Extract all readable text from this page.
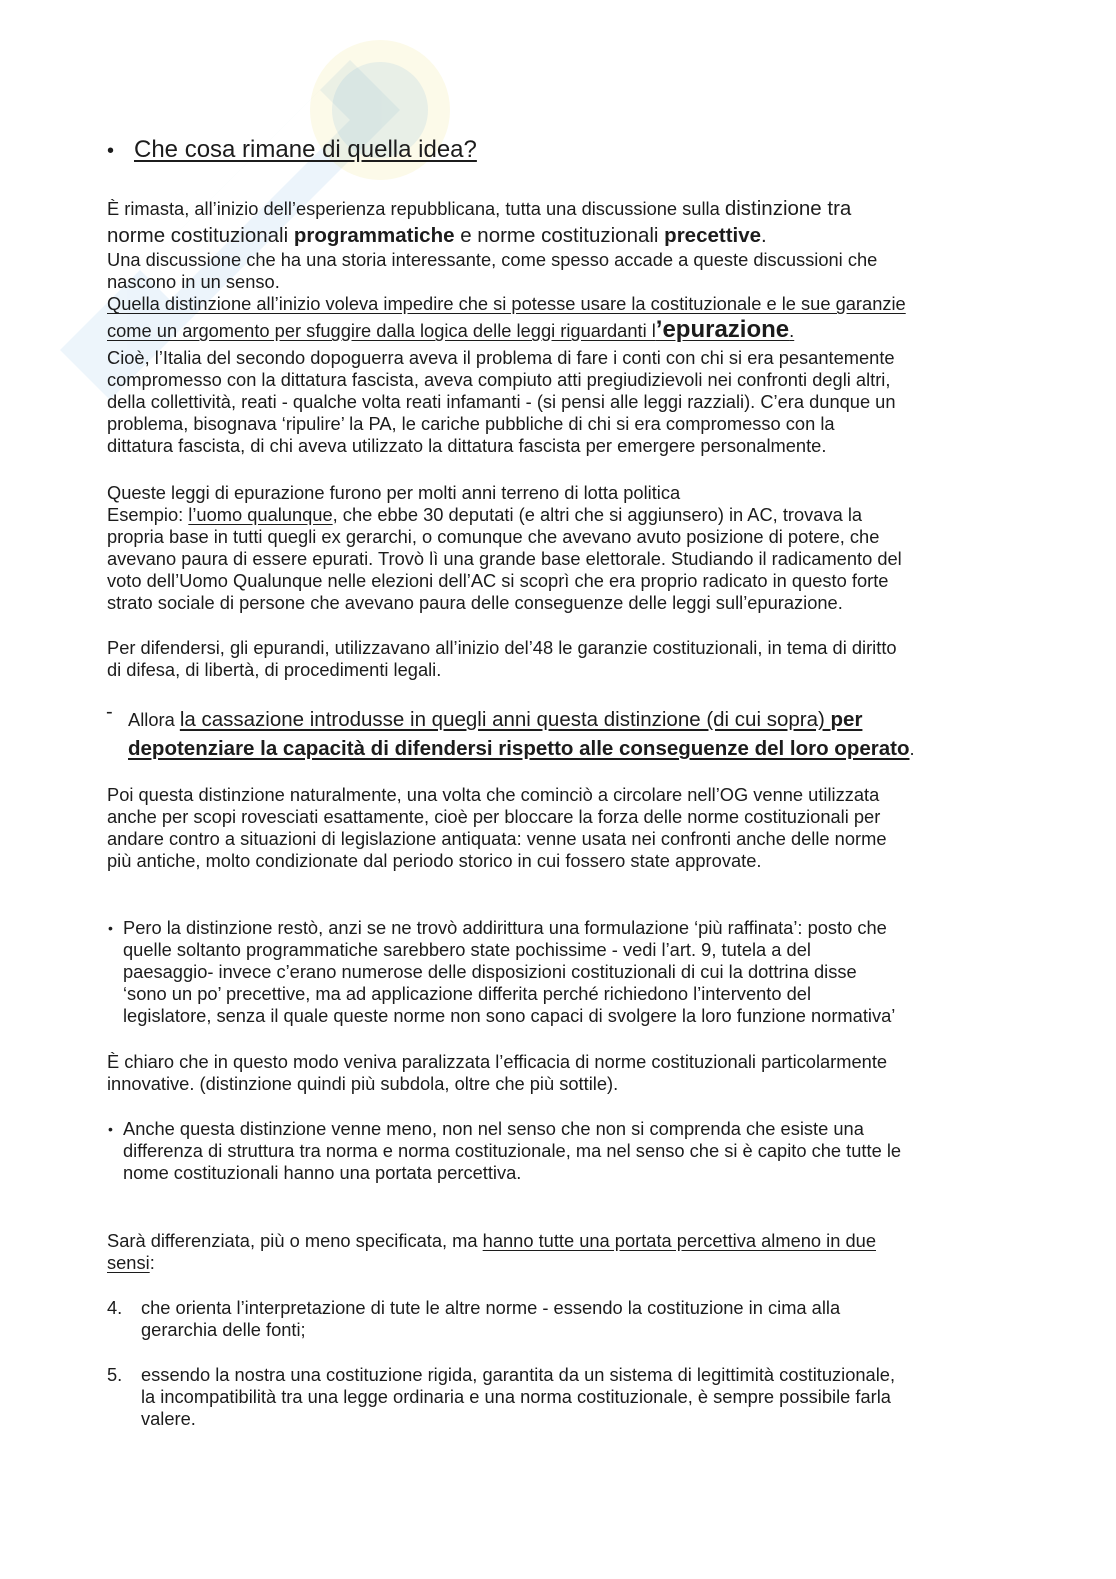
• Che cosa rimane di quella idea?
È rimasta, all’inizio dell’esperienza repubblicana, tutta una discussione sulla distinzione tra
norme costituzionali programmatiche e norme costituzionali precettive.
Una discussione che ha una storia interessante, come spesso accade a queste discussioni che
nascono in un senso.
Quella distinzione all’inizio voleva impedire che si potesse usare la costituzionale e le sue garanzie
come un argomento per sfuggire dalla logica delle leggi riguardanti l’epurazione.
Cioè, l’Italia del secondo dopoguerra aveva il problema di fare i conti con chi si era pesantemente
compromesso con la dittatura fascista, aveva compiuto atti pregiudizievoli nei confronti degli altri,
della collettività, reati - qualche volta reati infamanti - (si pensi alle leggi razziali). C’era dunque un
problema, bisognava ‘ripulire’ la PA, le cariche pubbliche di chi si era compromesso con la
dittatura fascista, di chi aveva utilizzato la dittatura fascista per emergere personalmente.
Queste leggi di epurazione furono per molti anni terreno di lotta politica
Esempio: l’uomo qualunque, che ebbe 30 deputati (e altri che si aggiunsero) in AC, trovava la
propria base in tutti quegli ex gerarchi, o comunque che avevano avuto posizione di potere, che
avevano paura di essere epurati. Trovò lì una grande base elettorale. Studiando il radicamento del
voto dell’Uomo Qualunque nelle elezioni dell’AC si scoprì che era proprio radicato in questo forte
strato sociale di persone che avevano paura delle conseguenze delle leggi sull’epurazione.
Per difendersi, gli epurandi, utilizzavano all’inizio del’48 le garanzie costituzionali, in tema di diritto
di difesa, di libertà, di procedimenti legali.
- Allora la cassazione introdusse in quegli anni questa distinzione (di cui sopra) per
depotenziare la capacità di difendersi rispetto alle conseguenze del loro operato.
Poi questa distinzione naturalmente, una volta che cominciò a circolare nell’OG venne utilizzata
anche per scopi rovesciati esattamente, cioè per bloccare la forza delle norme costituzionali per
andare contro a situazioni di legislazione antiquata: venne usata nei confronti anche delle norme
più antiche, molto condizionate dal periodo storico in cui fossero state approvate.
• Pero la distinzione restò, anzi se ne trovò addirittura una formulazione ‘più raffinata’: posto che
quelle soltanto programmatiche sarebbero state pochissime - vedi l’art. 9, tutela a del
paesaggio- invece c’erano numerose delle disposizioni costituzionali di cui la dottrina disse
‘sono un po’ precettive, ma ad applicazione differita perché richiedono l’intervento del
legislatore, senza il quale queste norme non sono capaci di svolgere la loro funzione normativa’
È chiaro che in questo modo veniva paralizzata l’efficacia di norme costituzionali particolarmente
innovative. (distinzione quindi più subdola, oltre che più sottile).
• Anche questa distinzione venne meno, non nel senso che non si comprenda che esiste una
differenza di struttura tra norma e norma costituzionale, ma nel senso che si è capito che tutte le
nome costituzionali hanno una portata percettiva.
Sarà differenziata, più o meno specificata, ma hanno tutte una portata percettiva almeno in due
sensi:
4. che orienta l’interpretazione di tute le altre norme - essendo la costituzione in cima alla
gerarchia delle fonti;
5. essendo la nostra una costituzione rigida, garantita da un sistema di legittimità costituzionale,
la incompatibilità tra una legge ordinaria e una norma costituzionale, è sempre possibile farla
valere.
